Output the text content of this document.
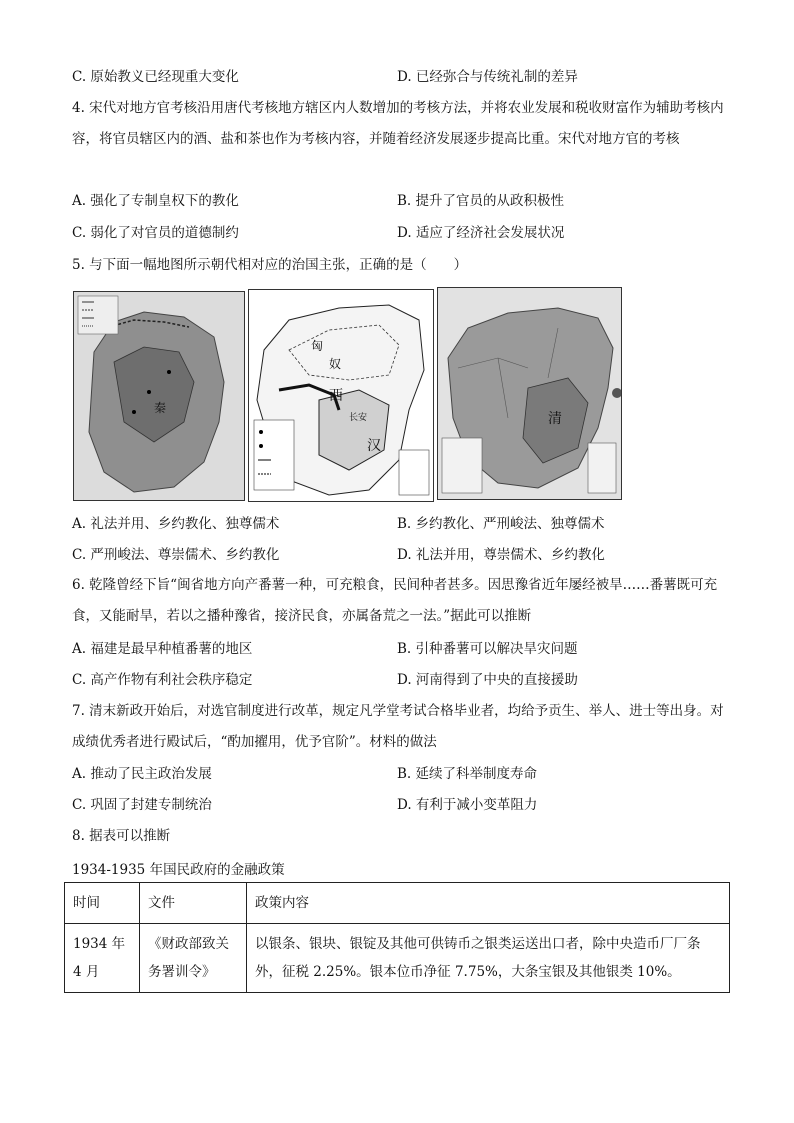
C. 原始教义已经现重大变化	D. 已经弥合与传统礼制的差异
4. 宋代对地方官考核沿用唐代考核地方辖区内人数增加的考核方法，并将农业发展和税收财富作为辅助考核内容，将官员辖区内的酒、盐和茶也作为考核内容，并随着经济发展逐步提高比重。宋代对地方官的考核
A. 强化了专制皇权下的教化	B. 提升了官员的从政积极性
C. 弱化了对官员的道德制约	D. 适应了经济社会发展状况
5. 与下面一幅地图所示朝代相对应的治国主张，正确的是（　　）
秦
匈
奴
西
汉
长安	清
A. 礼法并用、乡约教化、独尊儒术	B. 乡约教化、严刑峻法、独尊儒术
C. 严刑峻法、尊崇儒术、乡约教化	D. 礼法并用，尊崇儒术、乡约教化
6. 乾隆曾经下旨“闽省地方向产番薯一种，可充粮食，民间种者甚多。因思豫省近年屡经被旱……番薯既可充食，又能耐旱，若以之播种豫省，接济民食，亦属备荒之一法。”据此可以推断
A. 福建是最早种植番薯的地区	B. 引种番薯可以解决旱灾问题
C. 高产作物有利社会秩序稳定	D. 河南得到了中央的直接援助
7. 清末新政开始后，对选官制度进行改革，规定凡学堂考试合格毕业者，均给予贡生、举人、进士等出身。对成绩优秀者进行殿试后，“酌加擢用，优予官阶”。材料的做法
A. 推动了民主政治发展	B. 延续了科举制度寿命
C. 巩固了封建专制统治	D. 有利于减小变革阻力
8. 据表可以推断
1934-1935 年国民政府的金融政策
时间	文件	政策内容
1934 年 4 月	《财政部致关务署训令》	以银条、银块、银锭及其他可供铸币之银类运送出口者，除中央造币厂厂条外，征税 2.25%。银本位币净征 7.75%，大条宝银及其他银类 10%。
